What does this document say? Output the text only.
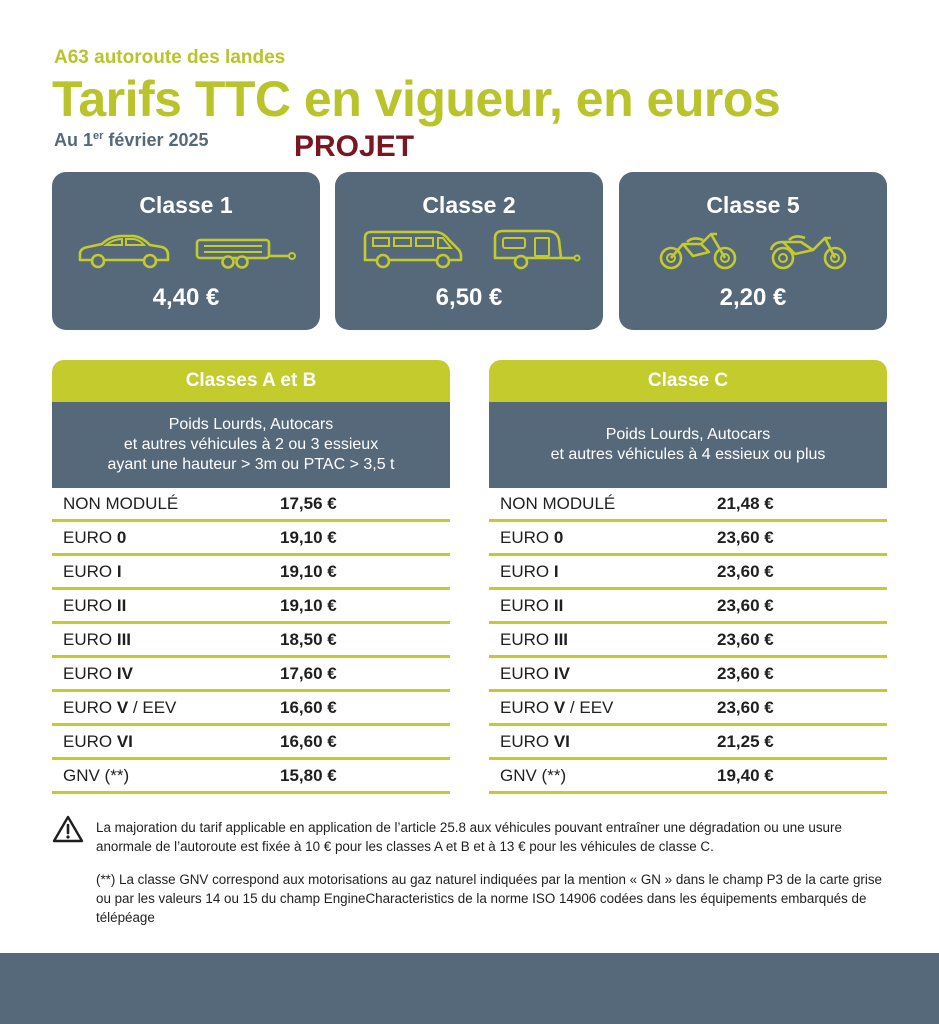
A63 autoroute des landes
Tarifs TTC en vigueur, en euros
Au 1er février 2025	PROJET
Classe 1
4,40 €
Classe 2
6,50 €
Classe 5
2,20 €
Classes A et B
Poids Lourds, Autocars
et autres véhicules à 2 ou 3 essieux
ayant une hauteur > 3m ou PTAC > 3,5 t
NON MODULÉ	17,56 €
EURO 0	19,10 €
EURO I	19,10 €
EURO II	19,10 €
EURO III	18,50 €
EURO IV	17,60 €
EURO V / EEV	16,60 €
EURO VI	16,60 €
GNV (**)	15,80 €
Classe C
Poids Lourds, Autocars
et autres véhicules à 4 essieux ou plus
NON MODULÉ	21,48 €
EURO 0	23,60 €
EURO I	23,60 €
EURO II	23,60 €
EURO III	23,60 €
EURO IV	23,60 €
EURO V / EEV	23,60 €
EURO VI	21,25 €
GNV (**)	19,40 €
La majoration du tarif applicable en application de l’article 25.8 aux véhicules pouvant entraîner une dégradation ou une usure anormale de l’autoroute est fixée à 10 € pour les classes A et B et à 13 € pour les véhicules de classe C.
(**) La classe GNV correspond aux motorisations au gaz naturel indiquées par la mention « GN » dans le champ P3 de la carte grise ou par les valeurs 14 ou 15 du champ EngineCharacteristics de la norme ISO 14906 codées dans les équipements embarqués de télépéage
